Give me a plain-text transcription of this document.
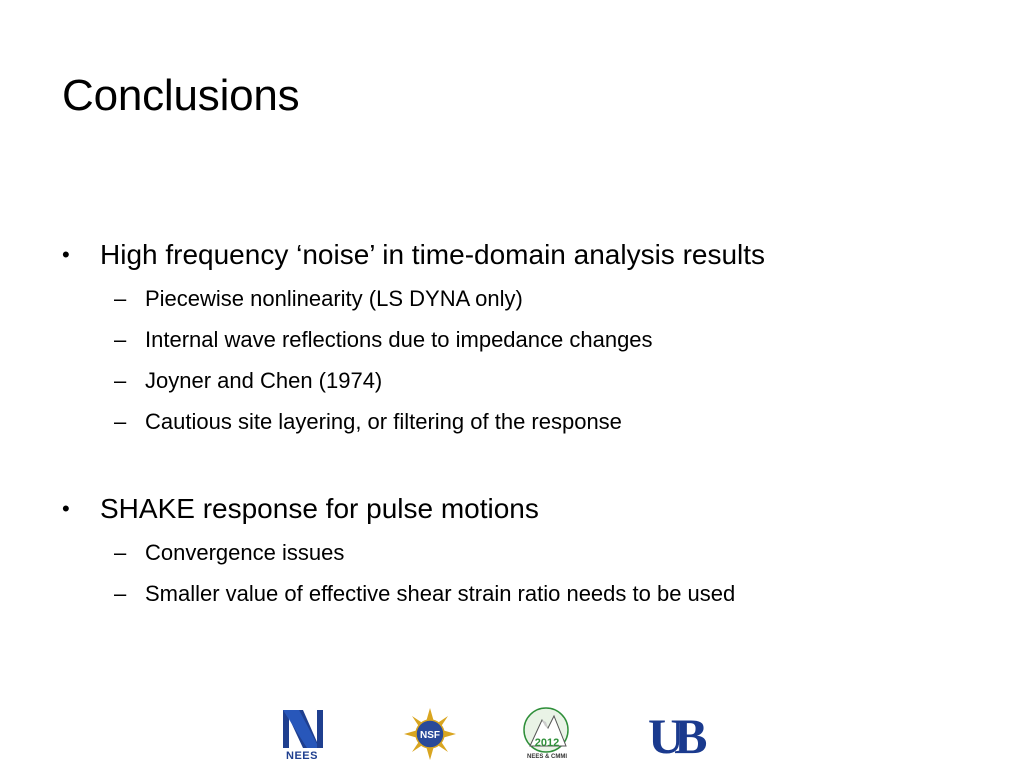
Conclusions
•	High frequency ‘noise’ in time-domain analysis results
– Piecewise nonlinearity (LS DYNA only)
– Internal wave reflections due to impedance changes
– Joyner and Chen (1974)
– Cautious site layering, or filtering of the response
•	SHAKE response for pulse motions
– Convergence issues
– Smaller value of effective shear strain ratio needs to be used
NEES
NSF
2012
NEES & CMMI UB
